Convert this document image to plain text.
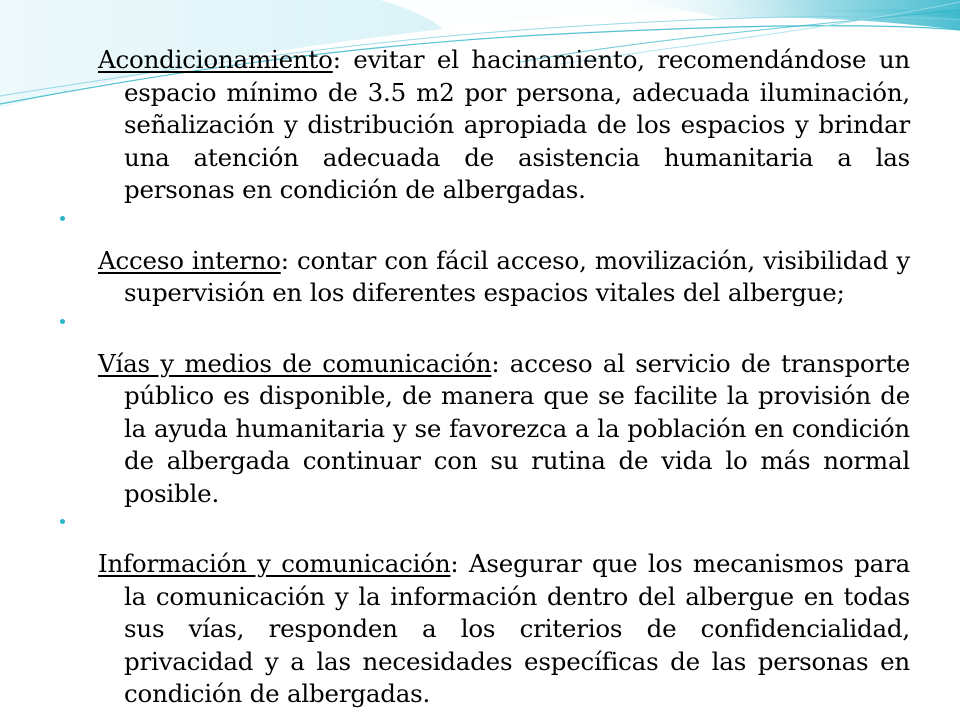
Acondicionamiento: evitar el hacinamiento, recomendándose un espacio mínimo de 3.5 m2 por persona, adecuada iluminación, señalización y distribución apropiada de los espacios y brindar una atención adecuada de asistencia humanitaria a las personas en condición de albergadas.

Acceso interno: contar con fácil acceso, movilización, visibilidad y supervisión en los diferentes espacios vitales del albergue;

Vías y medios de comunicación: acceso al servicio de transporte público es disponible, de manera que se facilite la provisión de la ayuda humanitaria y se favorezca a la población en condición de albergada continuar con su rutina de vida lo más normal posible.

Información y comunicación: Asegurar que los mecanismos para la comunicación y la información dentro del albergue en todas sus vías, responden a los criterios de confidencialidad, privacidad y a las necesidades específicas de las personas en condición de albergadas.
